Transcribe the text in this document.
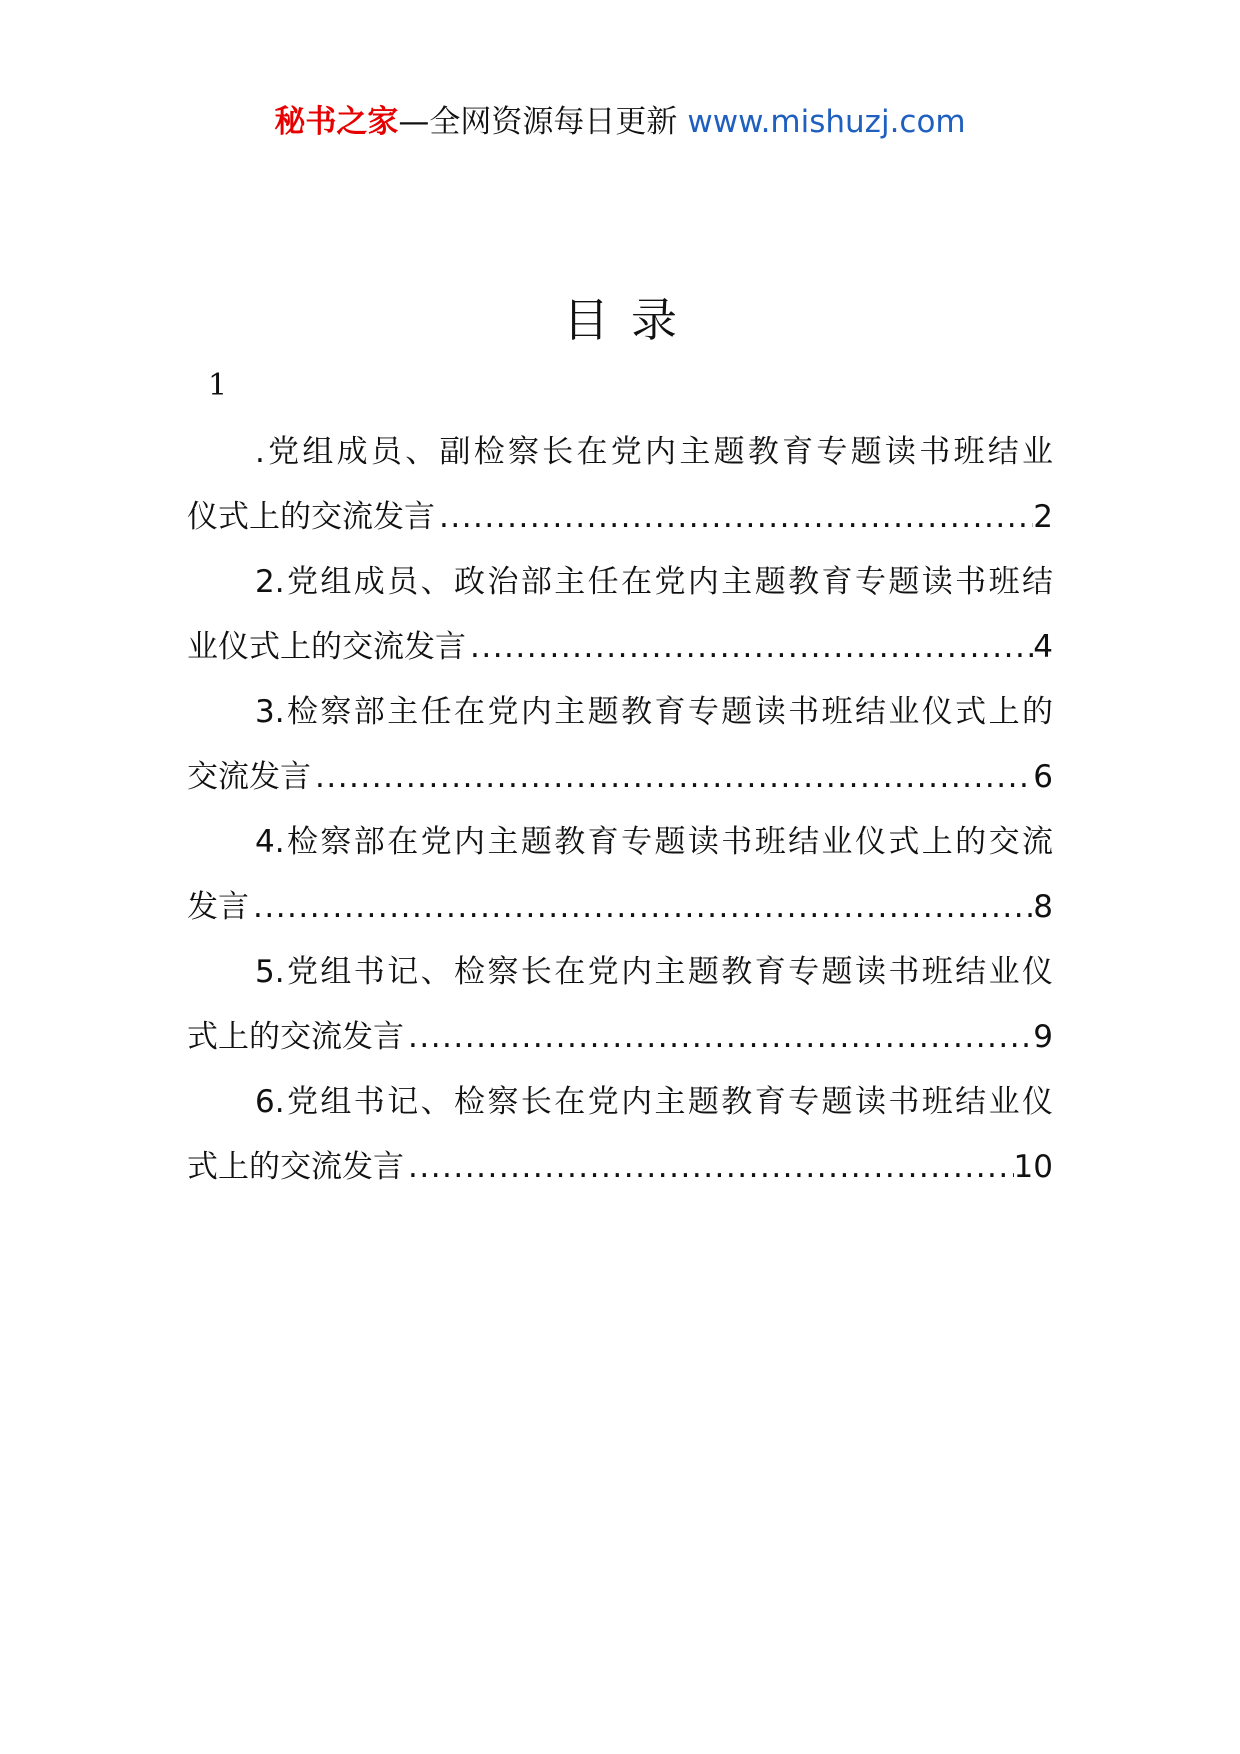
秘书之家—全网资源每日更新 www.mishuzj.com
目录
1
.党组成员、副检察长在党内主题教育专题读书班结业
仪式上的交流发言 .....	2
2.党组成员、政治部主任在党内主题教育专题读书班结
业仪式上的交流发言 .....	4
3.检察部主任在党内主题教育专题读书班结业仪式上的
交流发言 .....	6
4.检察部在党内主题教育专题读书班结业仪式上的交流
发言 .....	8
5.党组书记、检察长在党内主题教育专题读书班结业仪
式上的交流发言 .....	9
6.党组书记、检察长在党内主题教育专题读书班结业仪
式上的交流发言 .....	10
